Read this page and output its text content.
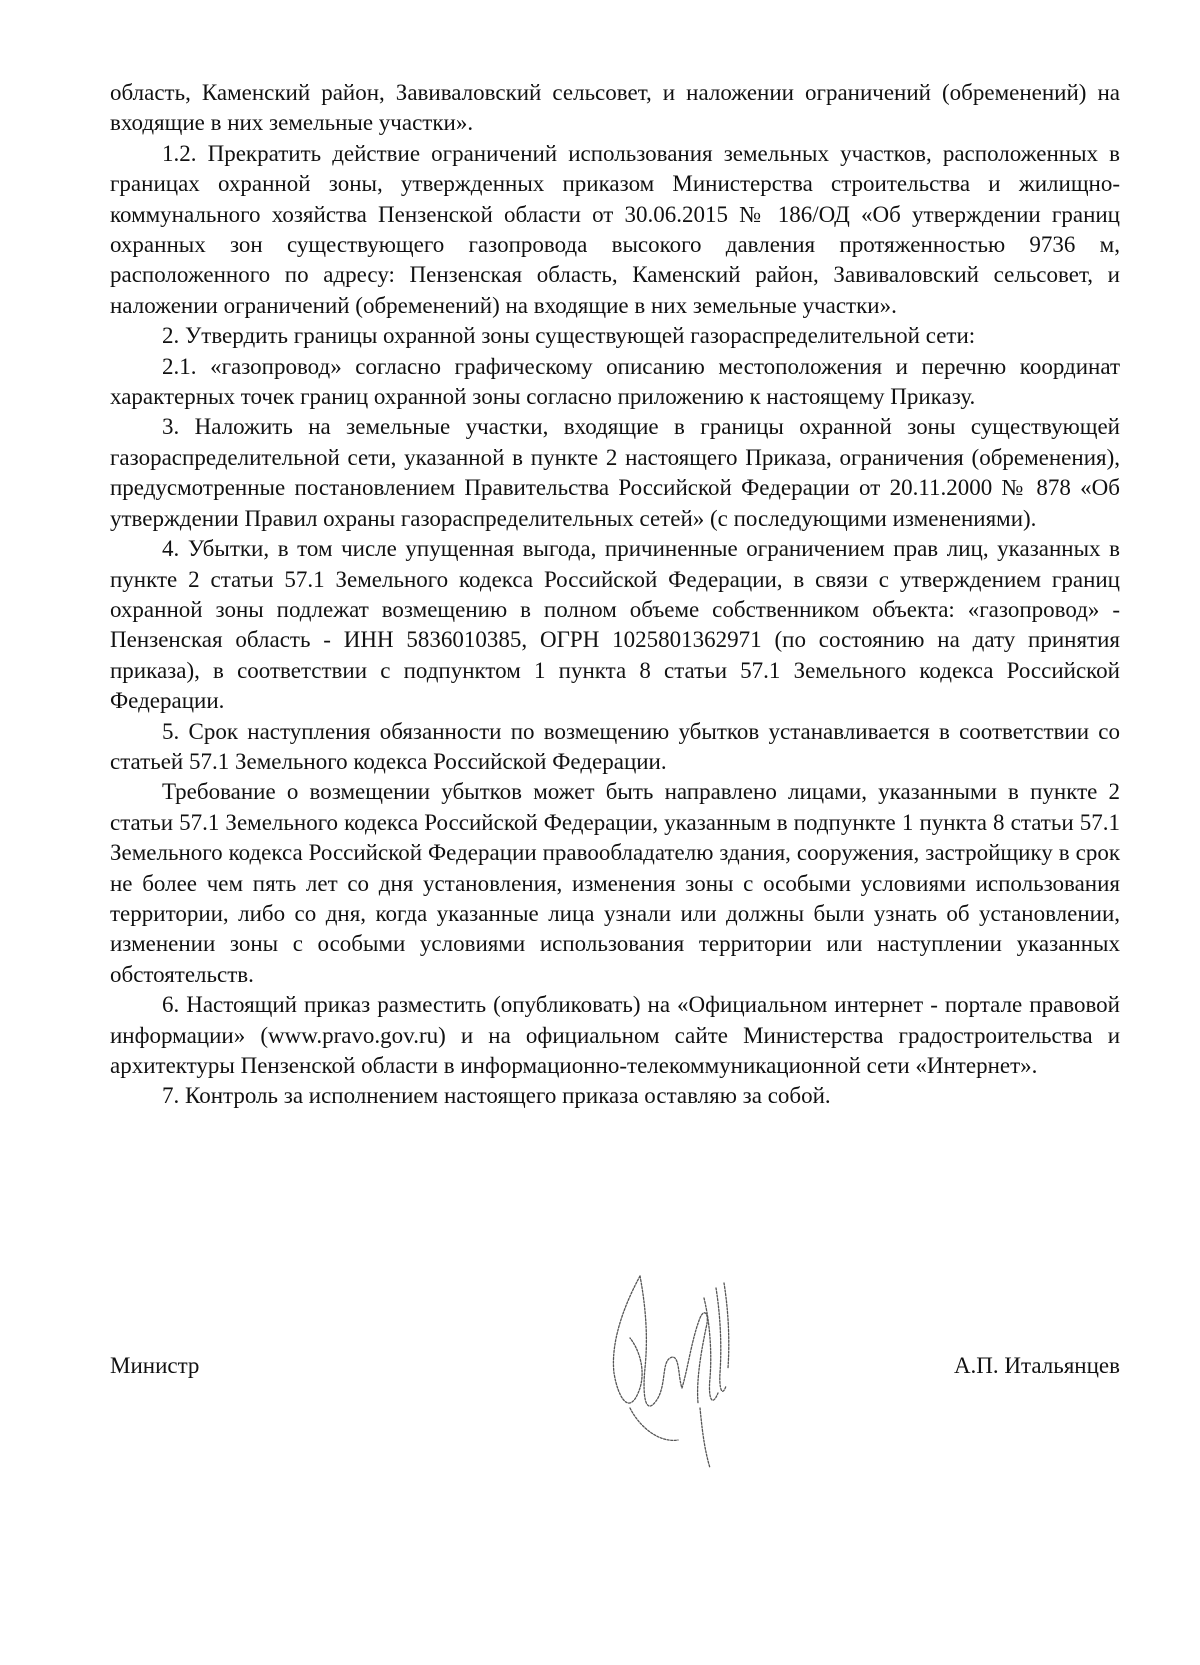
область, Каменский район, Завиваловский сельсовет, и наложении ограничений (обременений) на входящие в них земельные участки».

1.2. Прекратить действие ограничений использования земельных участков, расположенных в границах охранной зоны, утвержденных приказом Министерства строительства и жилищно-коммунального хозяйства Пензенской области от 30.06.2015 № 186/ОД «Об утверждении границ охранных зон существующего газопровода высокого давления протяженностью 9736 м, расположенного по адресу: Пензенская область, Каменский район, Завиваловский сельсовет, и наложении ограничений (обременений) на входящие в них земельные участки».

2. Утвердить границы охранной зоны существующей газораспределительной сети:

2.1. «газопровод» согласно графическому описанию местоположения и перечню координат характерных точек границ охранной зоны согласно приложению к настоящему Приказу.

3. Наложить на земельные участки, входящие в границы охранной зоны существующей газораспределительной сети, указанной в пункте 2 настоящего Приказа, ограничения (обременения), предусмотренные постановлением Правительства Российской Федерации от 20.11.2000 № 878 «Об утверждении Правил охраны газораспределительных сетей» (с последующими изменениями).

4. Убытки, в том числе упущенная выгода, причиненные ограничением прав лиц, указанных в пункте 2 статьи 57.1 Земельного кодекса Российской Федерации, в связи с утверждением границ охранной зоны подлежат возмещению в полном объеме собственником объекта: «газопровод» - Пензенская область - ИНН 5836010385, ОГРН 1025801362971 (по состоянию на дату принятия приказа), в соответствии с подпунктом 1 пункта 8 статьи 57.1 Земельного кодекса Российской Федерации.

5. Срок наступления обязанности по возмещению убытков устанавливается в соответствии со статьей 57.1 Земельного кодекса Российской Федерации.

Требование о возмещении убытков может быть направлено лицами, указанными в пункте 2 статьи 57.1 Земельного кодекса Российской Федерации, указанным в подпункте 1 пункта 8 статьи 57.1 Земельного кодекса Российской Федерации правообладателю здания, сооружения, застройщику в срок не более чем пять лет со дня установления, изменения зоны с особыми условиями использования территории, либо со дня, когда указанные лица узнали или должны были узнать об установлении, изменении зоны с особыми условиями использования территории или наступлении указанных обстоятельств.

6. Настоящий приказ разместить (опубликовать) на «Официальном интернет - портале правовой информации» (www.pravo.gov.ru) и на официальном сайте Министерства градостроительства и архитектуры Пензенской области в информационно-телекоммуникационной сети «Интернет».

7. Контроль за исполнением настоящего приказа оставляю за собой.

Министр	А.П. Итальянцев
